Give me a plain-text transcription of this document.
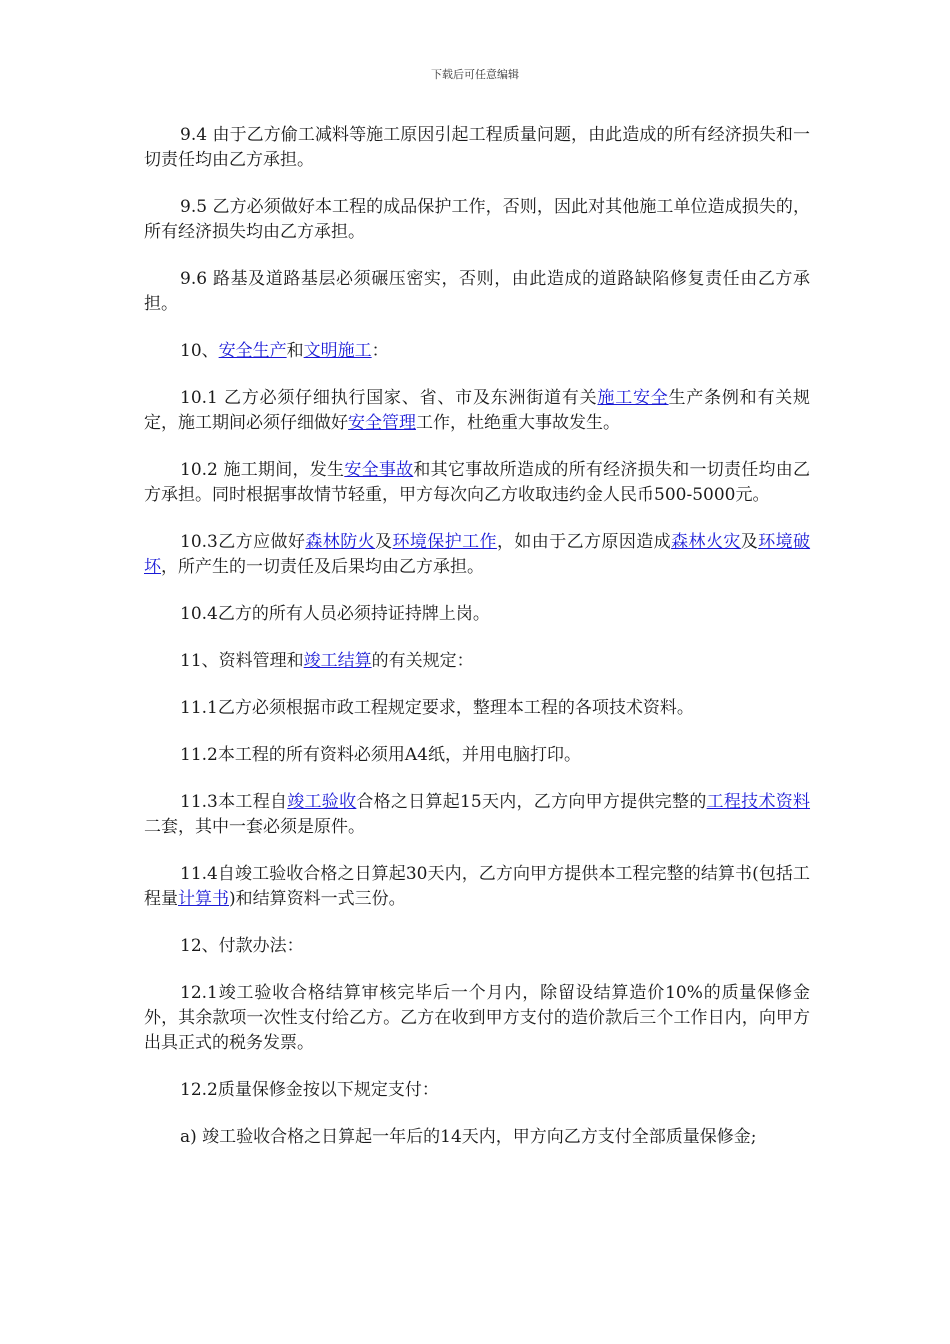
下载后可任意编辑

9.4 由于乙方偷工减料等施工原因引起工程质量问题，由此造成的所有经济损失和一切责任均由乙方承担。

9.5 乙方必须做好本工程的成品保护工作，否则，因此对其他施工单位造成损失的，所有经济损失均由乙方承担。

9.6 路基及道路基层必须碾压密实，否则，由此造成的道路缺陷修复责任由乙方承担。

10、安全生产和文明施工：

10.1 乙方必须仔细执行国家、省、市及东洲街道有关施工安全生产条例和有关规定，施工期间必须仔细做好安全管理工作，杜绝重大事故发生。

10.2 施工期间，发生安全事故和其它事故所造成的所有经济损失和一切责任均由乙方承担。同时根据事故情节轻重，甲方每次向乙方收取违约金人民币500-5000元。

10.3乙方应做好森林防火及环境保护工作，如由于乙方原因造成森林火灾及环境破坏，所产生的一切责任及后果均由乙方承担。

10.4乙方的所有人员必须持证持牌上岗。

11、资料管理和竣工结算的有关规定：

11.1乙方必须根据市政工程规定要求，整理本工程的各项技术资料。

11.2本工程的所有资料必须用A4纸，并用电脑打印。

11.3本工程自竣工验收合格之日算起15天内，乙方向甲方提供完整的工程技术资料二套，其中一套必须是原件。

11.4自竣工验收合格之日算起30天内，乙方向甲方提供本工程完整的结算书(包括工程量计算书)和结算资料一式三份。

12、付款办法：

12.1竣工验收合格结算审核完毕后一个月内，除留设结算造价10%的质量保修金外，其余款项一次性支付给乙方。乙方在收到甲方支付的造价款后三个工作日内，向甲方出具正式的税务发票。

12.2质量保修金按以下规定支付：

a) 竣工验收合格之日算起一年后的14天内，甲方向乙方支付全部质量保修金;
